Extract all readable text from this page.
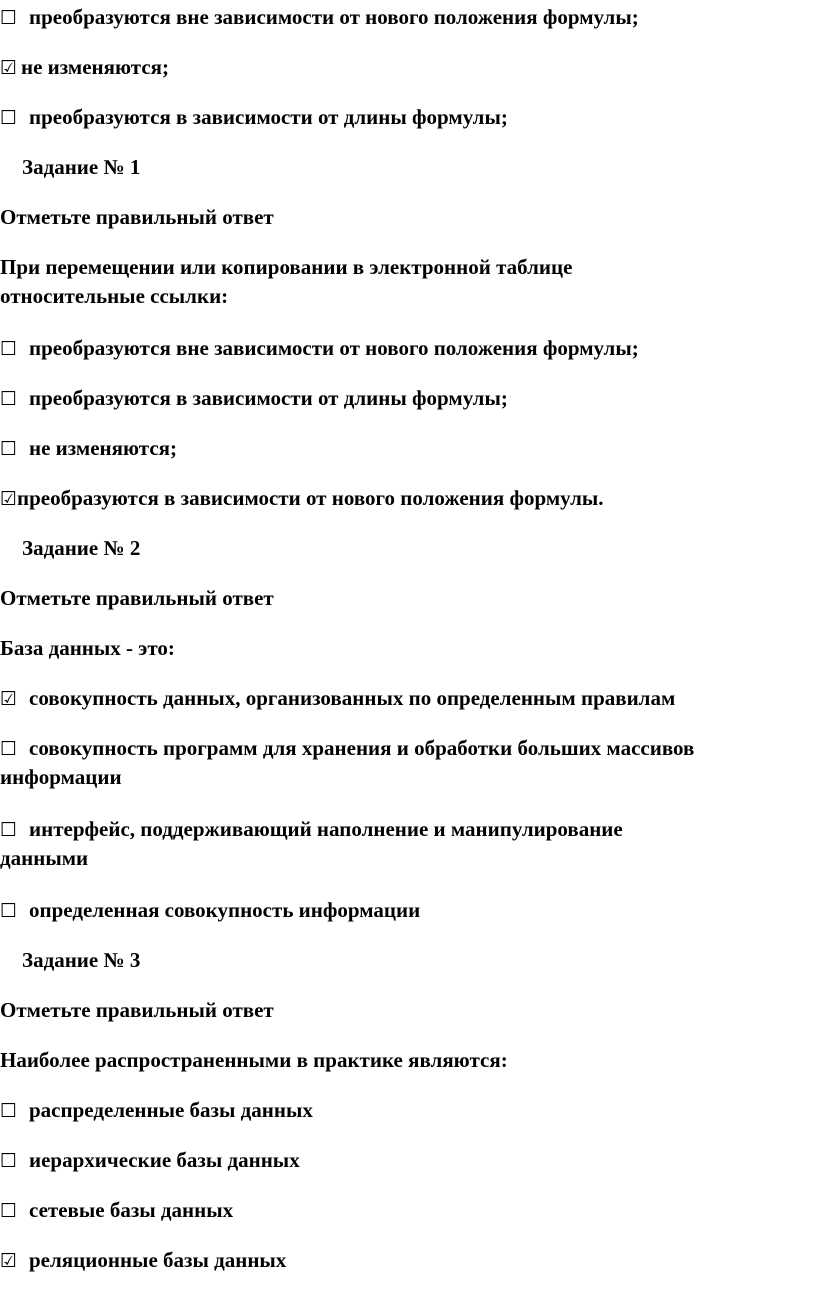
☐ преобразуются вне зависимости от нового положения формулы;
☑ не изменяются;
☐ преобразуются в зависимости от длины формулы;
Задание № 1
Отметьте правильный ответ
При перемещении или копировании в электронной таблице
относительные ссылки:
☐ преобразуются вне зависимости от нового положения формулы;
☐ преобразуются в зависимости от длины формулы;
☐ не изменяются;
☑преобразуются в зависимости от нового положения формулы.
Задание № 2
Отметьте правильный ответ
База данных - это:
☑ совокупность данных, организованных по определенным правилам
☐ совокупность программ для хранения и обработки больших массивов
информации
☐ интерфейс, поддерживающий наполнение и манипулирование
данными
☐ определенная совокупность информации
Задание № 3
Отметьте правильный ответ
Наиболее распространенными в практике являются:
☐ распределенные базы данных
☐ иерархические базы данных
☐ сетевые базы данных
☑ реляционные базы данных
